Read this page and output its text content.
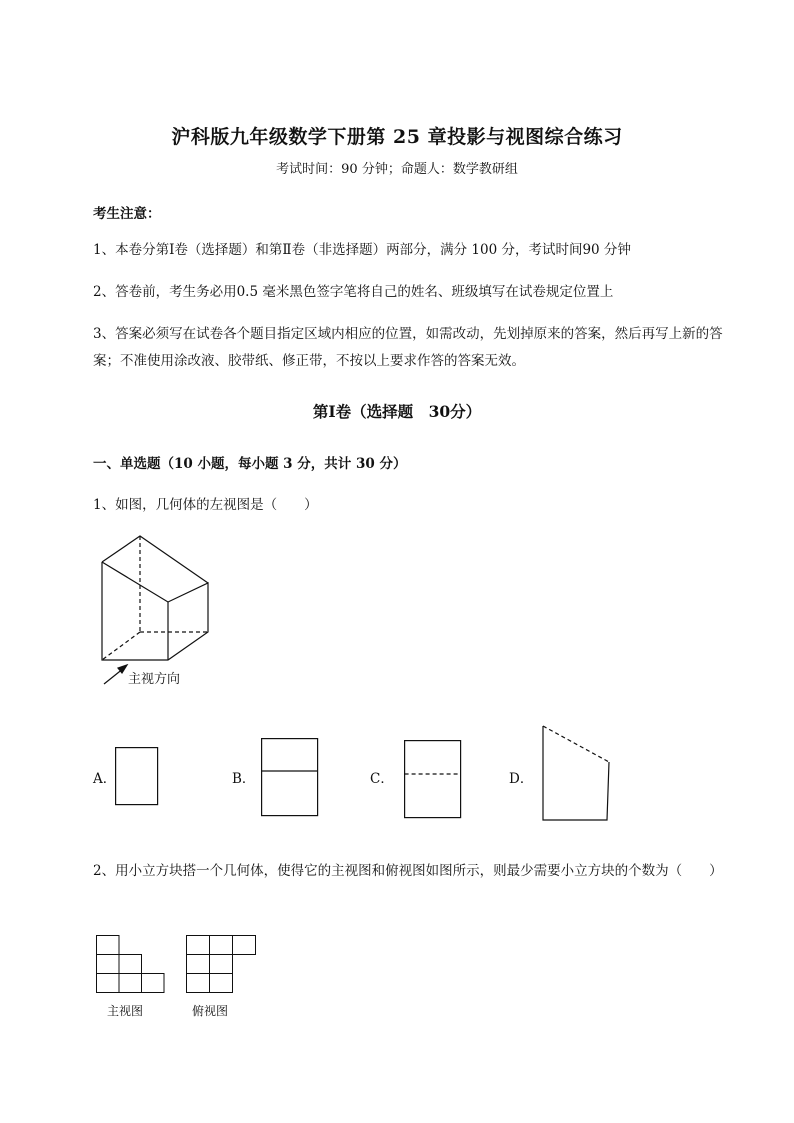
沪科版九年级数学下册第 25 章投影与视图综合练习
考试时间：90 分钟；命题人：数学教研组
考生注意：
1、本卷分第Ⅰ卷（选择题）和第Ⅱ卷（非选择题）两部分，满分 100 分，考试时间90 分钟
2、答卷前，考生务必用0.5 毫米黑色签字笔将自己的姓名、班级填写在试卷规定位置上
3、答案必须写在试卷各个题目指定区域内相应的位置，如需改动，先划掉原来的答案，然后再写上新的答案；不准使用涂改液、胶带纸、修正带，不按以上要求作答的答案无效。
第Ⅰ卷（选择题　30分）
一、单选题（10 小题，每小题 3 分，共计 30 分）
1、如图，几何体的左视图是（　　）
主视方向
A．	B．	C．	D．
2、用小立方块搭一个几何体，使得它的主视图和俯视图如图所示，则最少需要小立方块的个数为（　　）
主视图	俯视图
